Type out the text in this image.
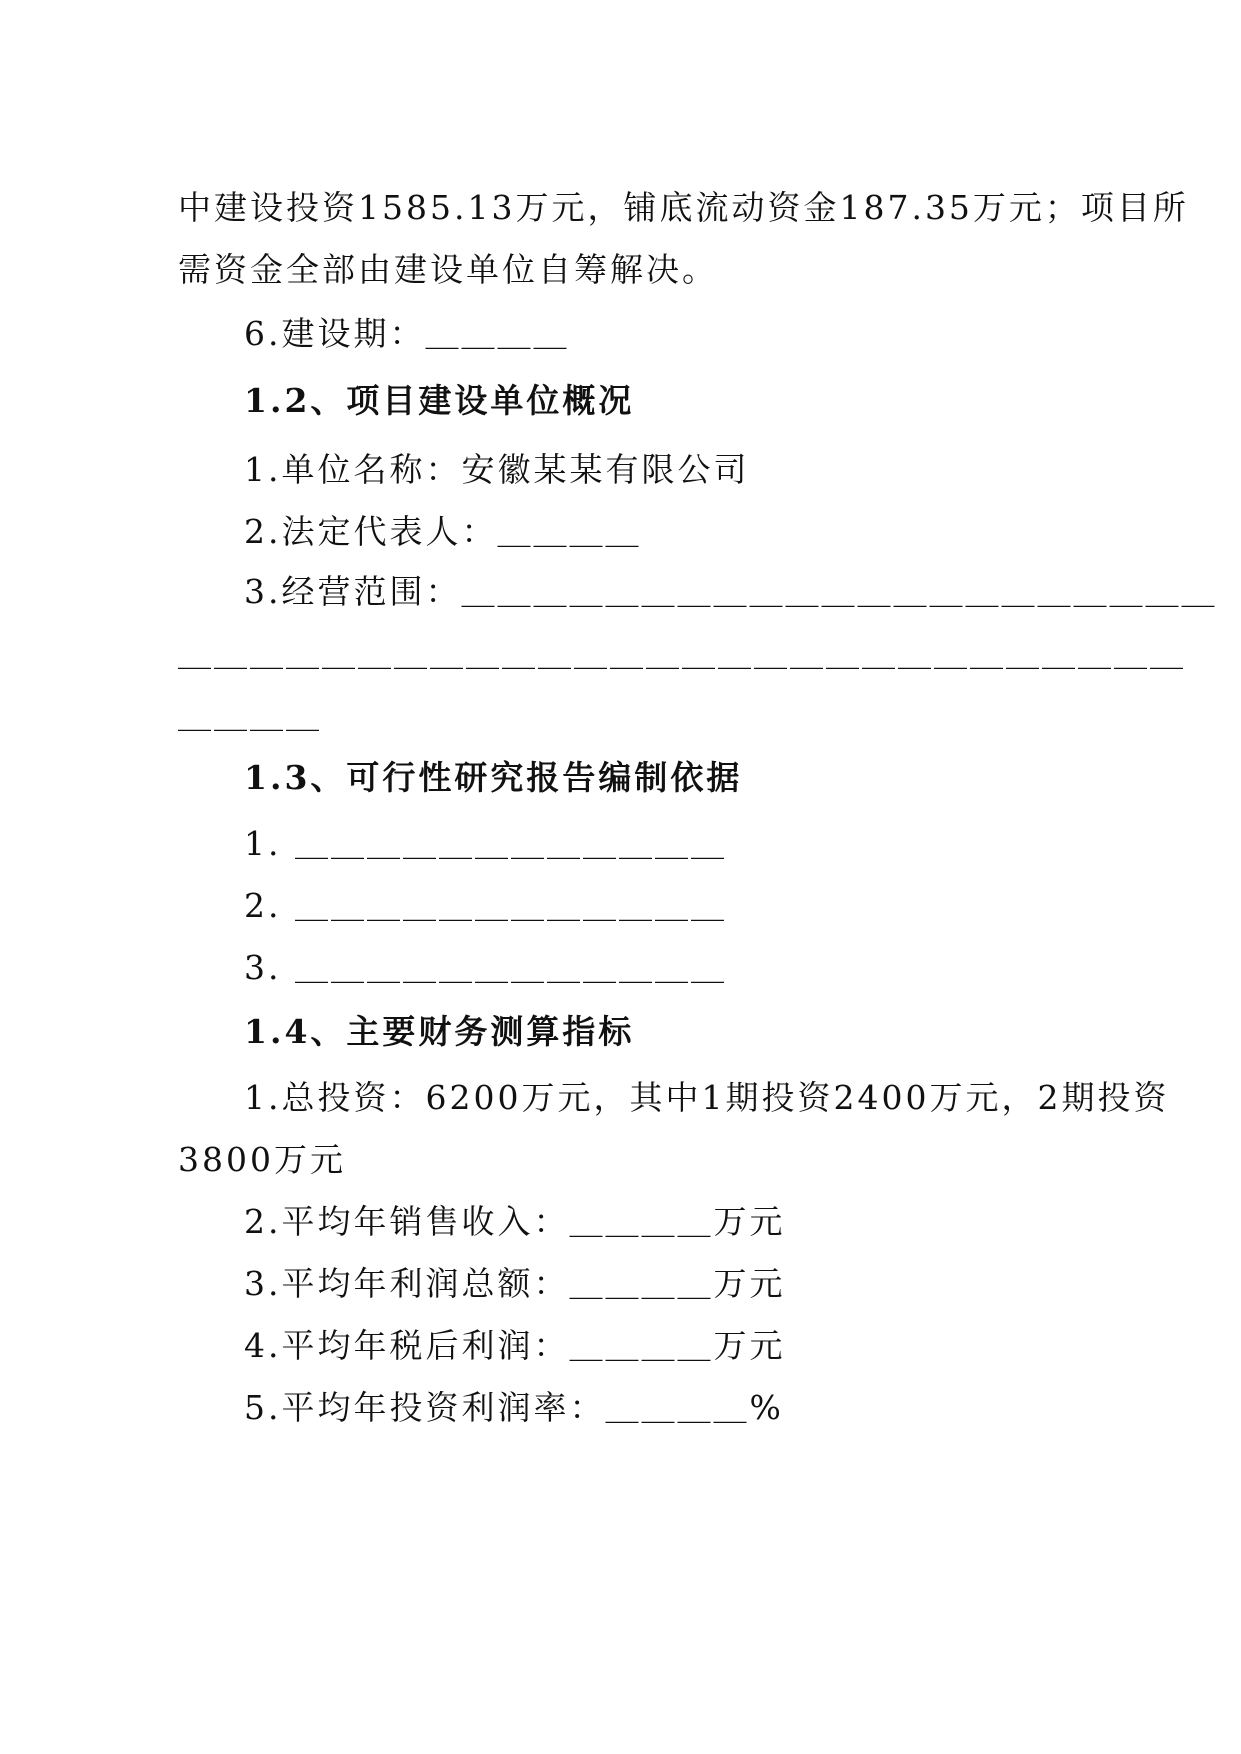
中建设投资1585.13万元，铺底流动资金187.35万元；项目所
需资金全部由建设单位自筹解决。
6.建设期：＿＿＿＿
1.2、项目建设单位概况
1.单位名称：安徽某某有限公司
2.法定代表人：＿＿＿＿
3.经营范围：＿＿＿＿＿＿＿＿＿＿＿＿＿＿＿＿＿＿＿＿＿
＿＿＿＿＿＿＿＿＿＿＿＿＿＿＿＿＿＿＿＿＿＿＿＿＿＿＿＿
＿＿＿＿
1.3、可行性研究报告编制依据
1. ＿＿＿＿＿＿＿＿＿＿＿＿
2. ＿＿＿＿＿＿＿＿＿＿＿＿
3. ＿＿＿＿＿＿＿＿＿＿＿＿
1.4、主要财务测算指标
1.总投资：6200万元，其中1期投资2400万元，2期投资
3800万元
2.平均年销售收入：＿＿＿＿万元
3.平均年利润总额：＿＿＿＿万元
4.平均年税后利润：＿＿＿＿万元
5.平均年投资利润率：＿＿＿＿%
